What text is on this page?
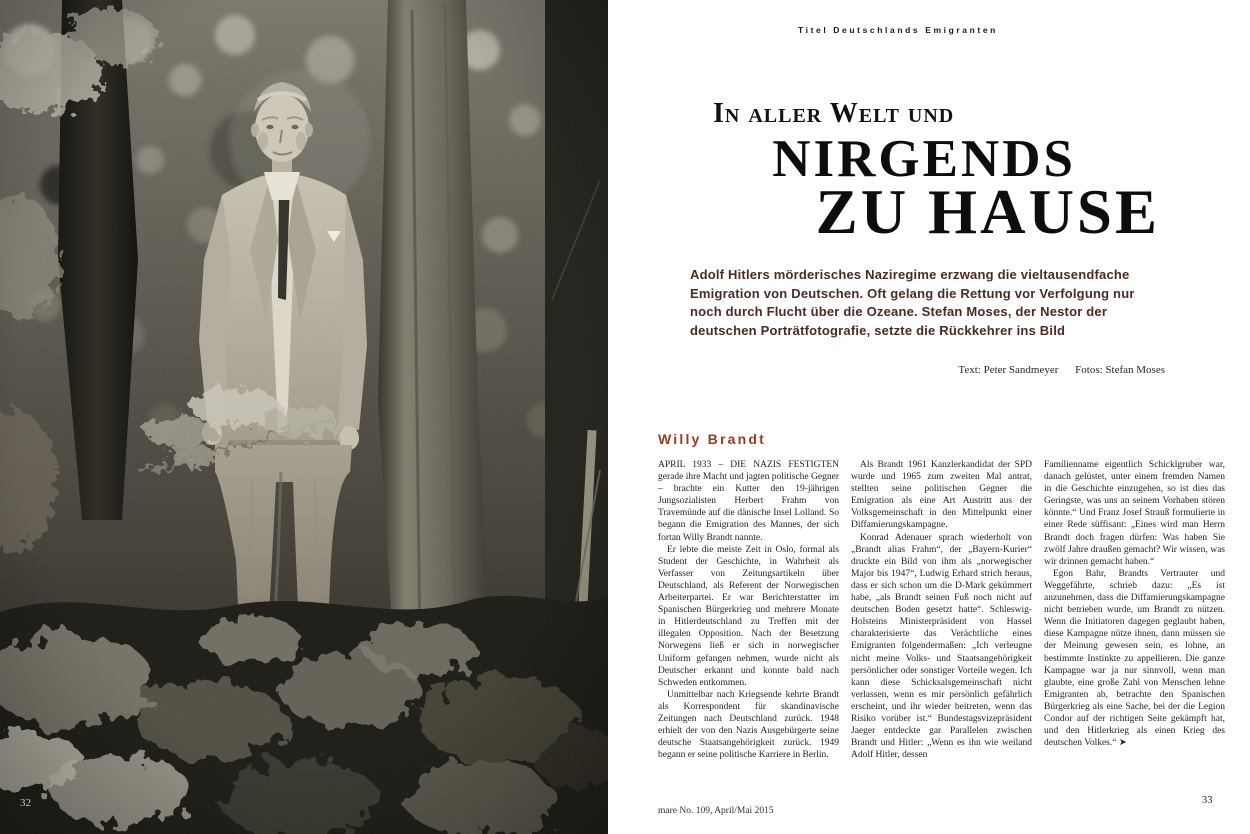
32
Titel Deutschlands Emigranten
In aller Welt und
NIRGENDS
ZU HAUSE

Adolf Hitlers mörderisches Naziregime erzwang die vieltausendfache Emigration von Deutschen. Oft gelang die Rettung vor Verfolgung nur noch durch Flucht über die Ozeane. Stefan Moses, der Nestor der deutschen Porträtfotografie, setzte die Rückkehrer ins Bild

Text: Peter Sandmeyer Fotos: Stefan Moses
Willy Brandt

APRIL 1933 – DIE NAZIS FESTIGTEN gerade ihre Macht und jagten politische Gegner – brachte ein Kutter den 19-jährigen Jungsozialisten Herbert Frahm von Travemünde auf die dänische Insel Lolland. So begann die Emigration des Mannes, der sich fortan Willy Brandt nannte.

Er lebte die meiste Zeit in Oslo, formal als Student der Geschichte, in Wahrheit als Verfasser von Zeitungsartikeln über Deutschland, als Referent der Norwegischen Arbeiterpartei. Er war Berichterstatter im Spanischen Bürgerkrieg und mehrere Monate in Hitlerdeutschland zu Treffen mit der illegalen Opposition. Nach der Besetzung Norwegens ließ er sich in norwegischer Uniform gefangen nehmen, wurde nicht als Deutscher erkannt und konnte bald nach Schweden entkommen.

Unmittelbar nach Kriegsende kehrte Brandt als Korrespondent für skandinavische Zeitungen nach Deutschland zurück. 1948 erhielt der von den Nazis Ausgebürgerte seine deutsche Staatsangehörigkeit zurück. 1949 begann er seine politische Karriere in Berlin.

Als Brandt 1961 Kanzlerkandidat der SPD wurde und 1965 zum zweiten Mal antrat, stellten seine politischen Gegner die Emigration als eine Art Austritt aus der Volksgemeinschaft in den Mittelpunkt einer Diffamierungskampagne.

Konrad Adenauer sprach wiederholt von „Brandt alias Frahm“, der „Bayern-Kurier“ druckte ein Bild von ihm als „norwegischer Major bis 1947“, Ludwig Erhard strich heraus, dass er sich schon um die D-Mark gekümmert habe, „als Brandt seinen Fuß noch nicht auf deutschen Boden gesetzt hatte“. Schleswig-Holsteins Ministerpräsident von Hassel charakterisierte das Verächtliche eines Emigranten folgendermaßen: „Ich verleugne nicht meine Volks- und Staatsangehörigkeit persönlicher oder sonstiger Vorteile wegen. Ich kann diese Schicksalsgemeinschaft nicht verlassen, wenn es mir persönlich gefährlich erscheint, und ihr wieder beitreten, wenn das Risiko vorüber ist.“ Bundestagsvizepräsident Jaeger entdeckte gar Parallelen zwischen Brandt und Hitler: „Wenn es ihn wie weiland Adolf Hitler, dessen

Familienname eigentlich Schicklgruber war, danach gelüstet, unter einem fremden Namen in die Geschichte einzugehen, so ist dies das Geringste, was uns an seinem Vorhaben stören könnte.“ Und Franz Josef Strauß formulierte in einer Rede süffisant: „Eines wird man Herrn Brandt doch fragen dürfen: Was haben Sie zwölf Jahre draußen gemacht? Wir wissen, was wir drinnen gemacht haben.“

Egon Bahr, Brandts Vertrauter und Weggefährte, schrieb dazu: „Es ist anzunehmen, dass die Diffamierungskampagne nicht betrieben wurde, um Brandt zu nützen. Wenn die Initiatoren dagegen geglaubt haben, diese Kampagne nütze ihnen, dann müssen sie der Meinung gewesen sein, es lohne, an bestimmte Instinkte zu appellieren. Die ganze Kampagne war ja nur sinnvoll, wenn man glaubte, eine große Zahl von Menschen lehne Emigranten ab, betrachte den Spanischen Bürgerkrieg als eine Sache, bei der die Legion Condor auf der richtigen Seite gekämpft hat, und den Hitlerkrieg als einen Krieg des deutschen Volkes.“ ➤

mare No. 109, April/Mai 2015
33
